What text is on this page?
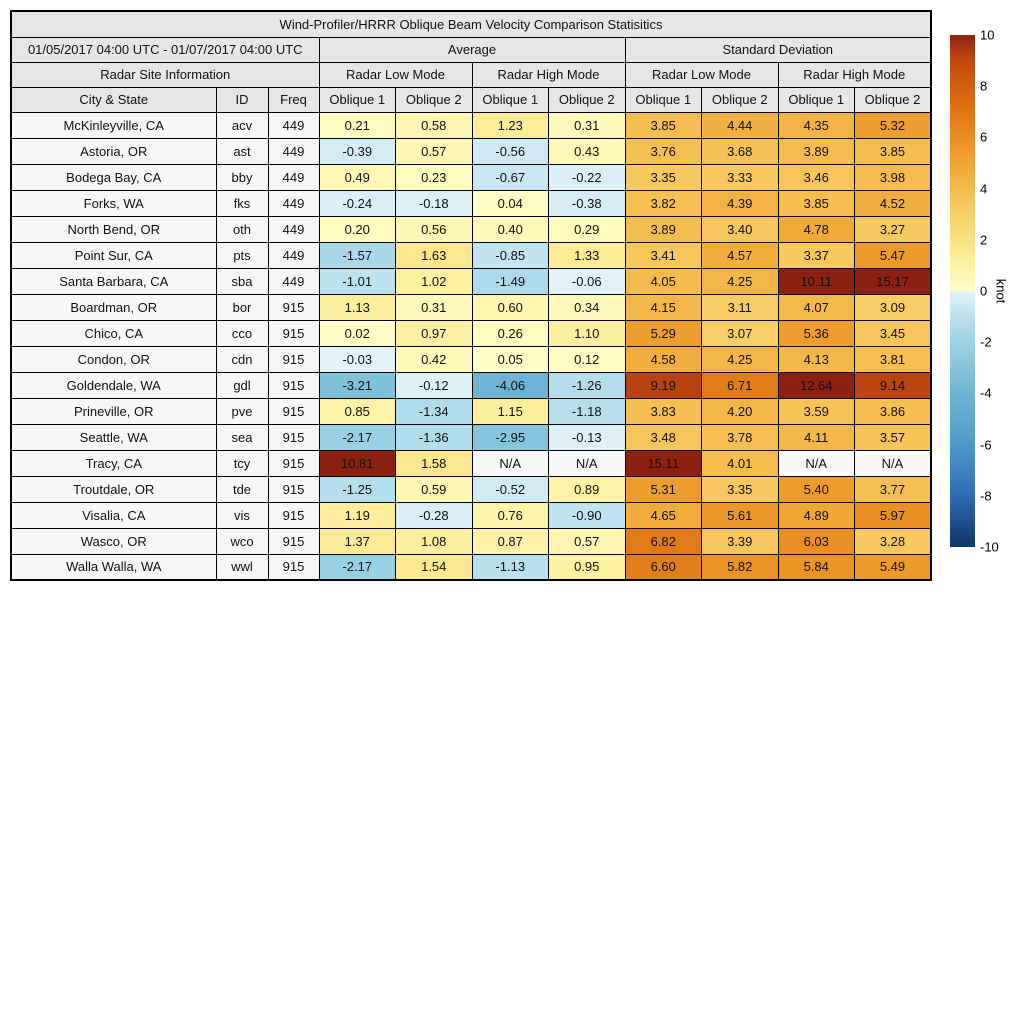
Wind-Profiler/HRRR Oblique Beam Velocity Comparison Statisitics										
01/05/2017 04:00 UTC - 01/07/2017 04:00 UTC			Average				Standard Deviation			
Radar Site Information			Radar Low Mode		Radar High Mode		Radar Low Mode		Radar High Mode	
City & State	ID	Freq	Oblique 1	Oblique 2	Oblique 1	Oblique 2	Oblique 1	Oblique 2	Oblique 1	Oblique 2
McKinleyville, CA	acv	449	0.21	0.58	1.23	0.31	3.85	4.44	4.35	5.32
Astoria, OR	ast	449	-0.39	0.57	-0.56	0.43	3.76	3.68	3.89	3.85
Bodega Bay, CA	bby	449	0.49	0.23	-0.67	-0.22	3.35	3.33	3.46	3.98
Forks, WA	fks	449	-0.24	-0.18	0.04	-0.38	3.82	4.39	3.85	4.52
North Bend, OR	oth	449	0.20	0.56	0.40	0.29	3.89	3.40	4.78	3.27
Point Sur, CA	pts	449	-1.57	1.63	-0.85	1.33	3.41	4.57	3.37	5.47
Santa Barbara, CA	sba	449	-1.01	1.02	-1.49	-0.06	4.05	4.25	10.11	15.17
Boardman, OR	bor	915	1.13	0.31	0.60	0.34	4.15	3.11	4.07	3.09
Chico, CA	cco	915	0.02	0.97	0.26	1.10	5.29	3.07	5.36	3.45
Condon, OR	cdn	915	-0.03	0.42	0.05	0.12	4.58	4.25	4.13	3.81
Goldendale, WA	gdl	915	-3.21	-0.12	-4.06	-1.26	9.19	6.71	12.64	9.14
Prineville, OR	pve	915	0.85	-1.34	1.15	-1.18	3.83	4.20	3.59	3.86
Seattle, WA	sea	915	-2.17	-1.36	-2.95	-0.13	3.48	3.78	4.11	3.57
Tracy, CA	tcy	915	10.81	1.58	N/A	N/A	15.11	4.01	N/A	N/A
Troutdale, OR	tde	915	-1.25	0.59	-0.52	0.89	5.31	3.35	5.40	3.77
Visalia, CA	vis	915	1.19	-0.28	0.76	-0.90	4.65	5.61	4.89	5.97
Wasco, OR	wco	915	1.37	1.08	0.87	0.57	6.82	3.39	6.03	3.28
Walla Walla, WA	wwl	915	-2.17	1.54	-1.13	0.95	6.60	5.82	5.84	5.49
10
8
6
4
2
0
-2
-4
-6
-8
-10
knot
